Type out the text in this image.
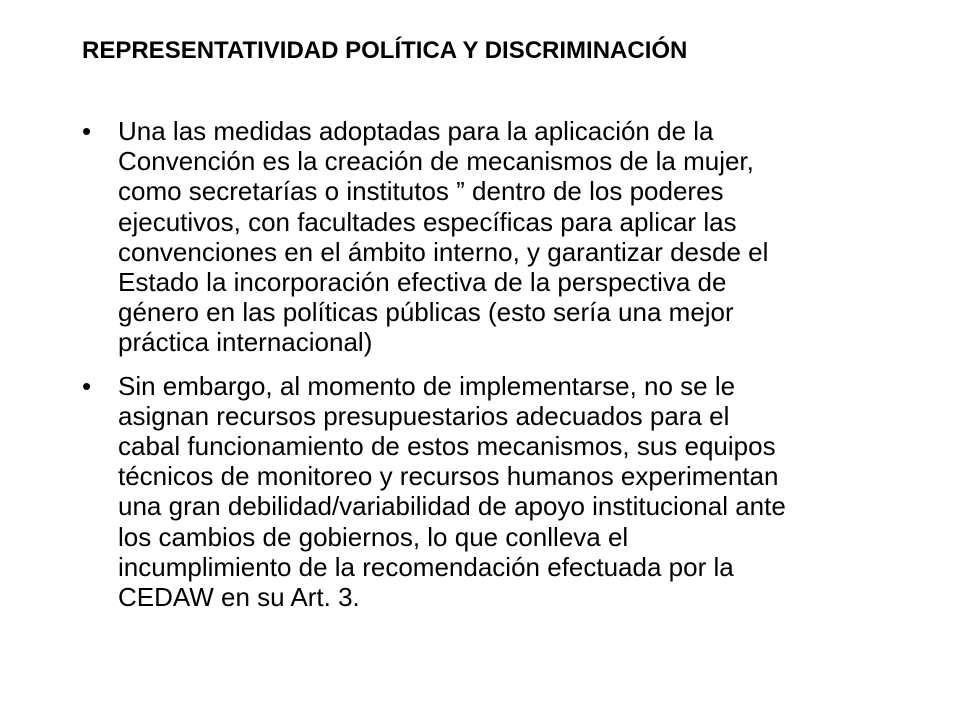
REPRESENTATIVIDAD POLÍTICA Y DISCRIMINACIÓN
• Una las medidas adoptadas para la aplicación de la
Convención es la creación de mecanismos de la mujer,
como secretarías o institutos ” dentro de los poderes
ejecutivos, con facultades específicas para aplicar las
convenciones en el ámbito interno, y garantizar desde el
Estado la incorporación efectiva de la perspectiva de
género en las políticas públicas (esto sería una mejor
práctica internacional)
• Sin embargo, al momento de implementarse, no se le
asignan recursos presupuestarios adecuados para el
cabal funcionamiento de estos mecanismos, sus equipos
técnicos de monitoreo y recursos humanos experimentan
una gran debilidad/variabilidad de apoyo institucional ante
los cambios de gobiernos, lo que conlleva el
incumplimiento de la recomendación efectuada por la
CEDAW en su Art. 3.
